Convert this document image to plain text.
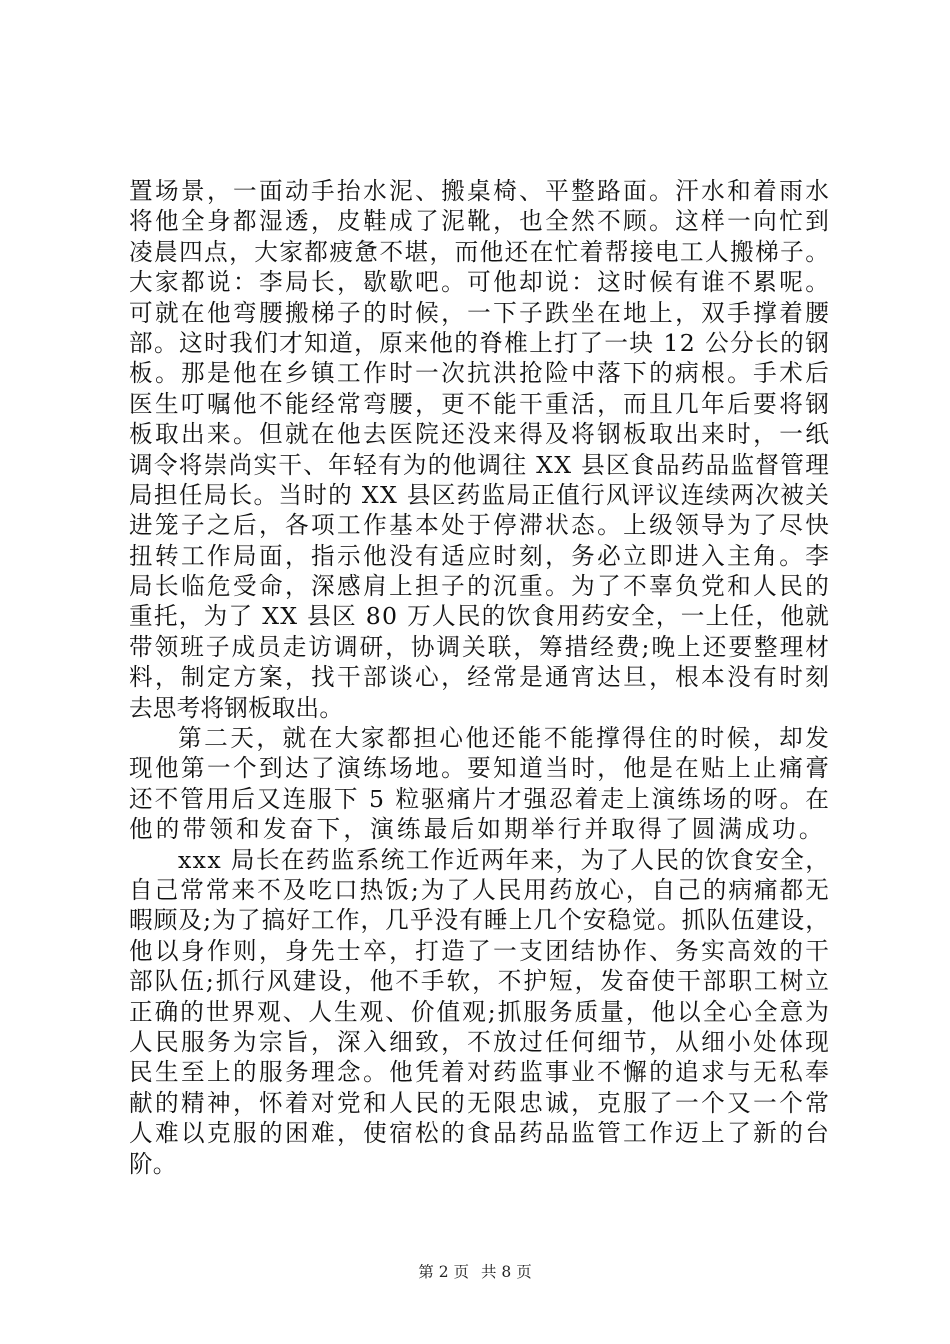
置场景，一面动手抬水泥、搬桌椅、平整路面。汗水和着雨水
将他全身都湿透，皮鞋成了泥靴，也全然不顾。这样一向忙到
凌晨四点，大家都疲惫不堪，而他还在忙着帮接电工人搬梯子。
大家都说：李局长，歇歇吧。可他却说：这时候有谁不累呢。
可就在他弯腰搬梯子的时候，一下子跌坐在地上，双手撑着腰
部。这时我们才知道，原来他的脊椎上打了一块 12 公分长的钢
板。那是他在乡镇工作时一次抗洪抢险中落下的病根。手术后
医生叮嘱他不能经常弯腰，更不能干重活，而且几年后要将钢
板取出来。但就在他去医院还没来得及将钢板取出来时，一纸
调令将崇尚实干、年轻有为的他调往 XX 县区食品药品监督管理
局担任局长。当时的 XX 县区药监局正值行风评议连续两次被关
进笼子之后，各项工作基本处于停滞状态。上级领导为了尽快
扭转工作局面，指示他没有适应时刻，务必立即进入主角。李
局长临危受命，深感肩上担子的沉重。为了不辜负党和人民的
重托，为了 XX 县区 80 万人民的饮食用药安全，一上任，他就
带领班子成员走访调研，协调关联，筹措经费;晚上还要整理材
料，制定方案，找干部谈心，经常是通宵达旦，根本没有时刻
去思考将钢板取出。
第二天，就在大家都担心他还能不能撑得住的时候，却发
现他第一个到达了演练场地。要知道当时，他是在贴上止痛膏
还不管用后又连服下 5 粒驱痛片才强忍着走上演练场的呀。在
他的带领和发奋下，演练最后如期举行并取得了圆满成功。
xxx 局长在药监系统工作近两年来，为了人民的饮食安全，
自己常常来不及吃口热饭;为了人民用药放心，自己的病痛都无
暇顾及;为了搞好工作，几乎没有睡上几个安稳觉。抓队伍建设，
他以身作则，身先士卒，打造了一支团结协作、务实高效的干
部队伍;抓行风建设，他不手软，不护短，发奋使干部职工树立
正确的世界观、人生观、价值观;抓服务质量，他以全心全意为
人民服务为宗旨，深入细致，不放过任何细节，从细小处体现
民生至上的服务理念。他凭着对药监事业不懈的追求与无私奉
献的精神，怀着对党和人民的无限忠诚，克服了一个又一个常
人难以克服的困难，使宿松的食品药品监管工作迈上了新的台
阶。
第 2 页 共 8 页
